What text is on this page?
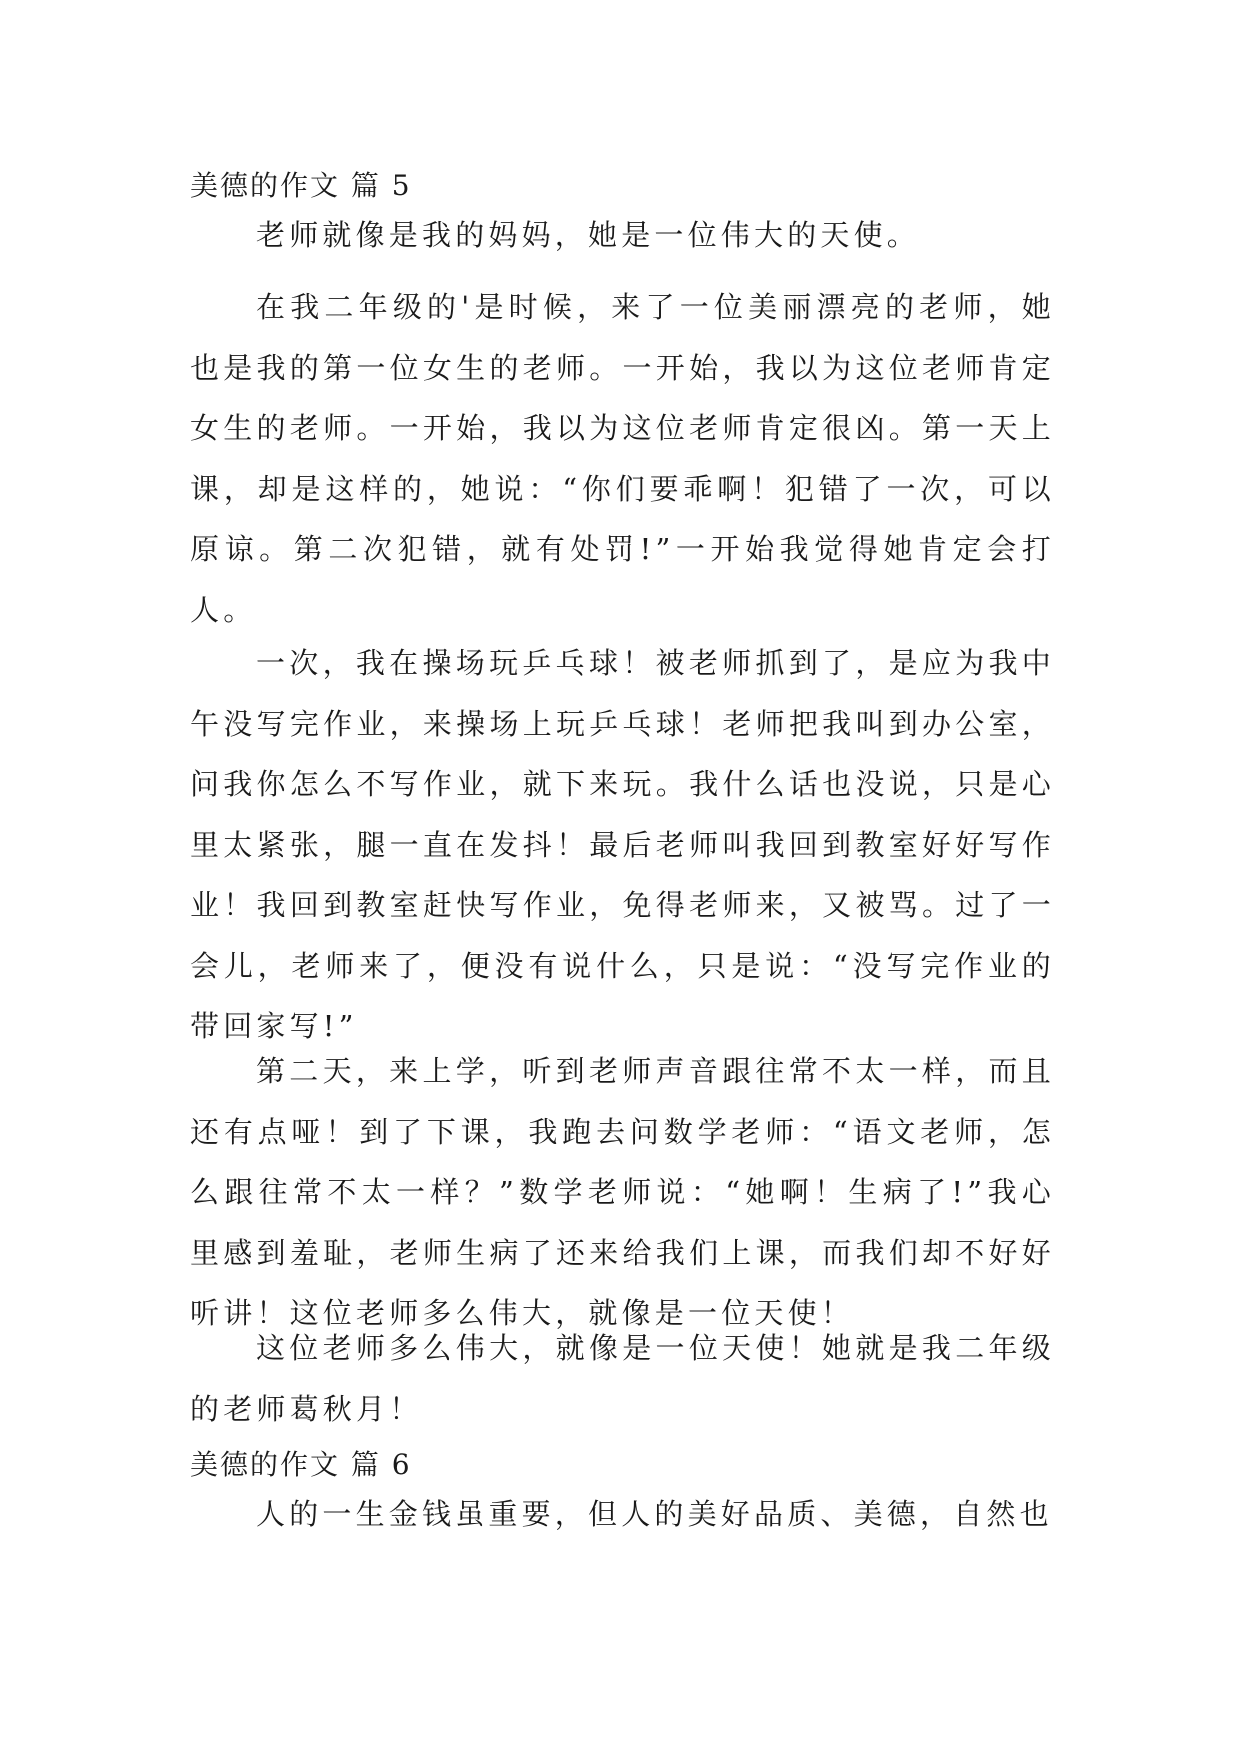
美德的作文 篇 5

老师就像是我的妈妈，她是一位伟大的天使。

在我二年级的'是时候，来了一位美丽漂亮的老师，她也是我的第一位女生的老师。一开始，我以为这位老师肯定女生的老师。一开始，我以为这位老师肯定很凶。第一天上课，却是这样的，她说：“你们要乖啊！犯错了一次，可以原谅。第二次犯错，就有处罚!”一开始我觉得她肯定会打人。

一次，我在操场玩乒乓球！被老师抓到了，是应为我中午没写完作业，来操场上玩乒乓球！老师把我叫到办公室，问我你怎么不写作业，就下来玩。我什么话也没说，只是心里太紧张，腿一直在发抖！最后老师叫我回到教室好好写作业！我回到教室赶快写作业，免得老师来，又被骂。过了一会儿，老师来了，便没有说什么，只是说：“没写完作业的带回家写!”

第二天，来上学，听到老师声音跟往常不太一样，而且还有点哑！到了下课，我跑去问数学老师：“语文老师，怎么跟往常不太一样？”数学老师说：“她啊！生病了!”我心里感到羞耻，老师生病了还来给我们上课，而我们却不好好听讲！这位老师多么伟大，就像是一位天使！

这位老师多么伟大，就像是一位天使！她就是我二年级的老师葛秋月！

美德的作文 篇 6

人的一生金钱虽重要，但人的美好品质、美德，自然也
